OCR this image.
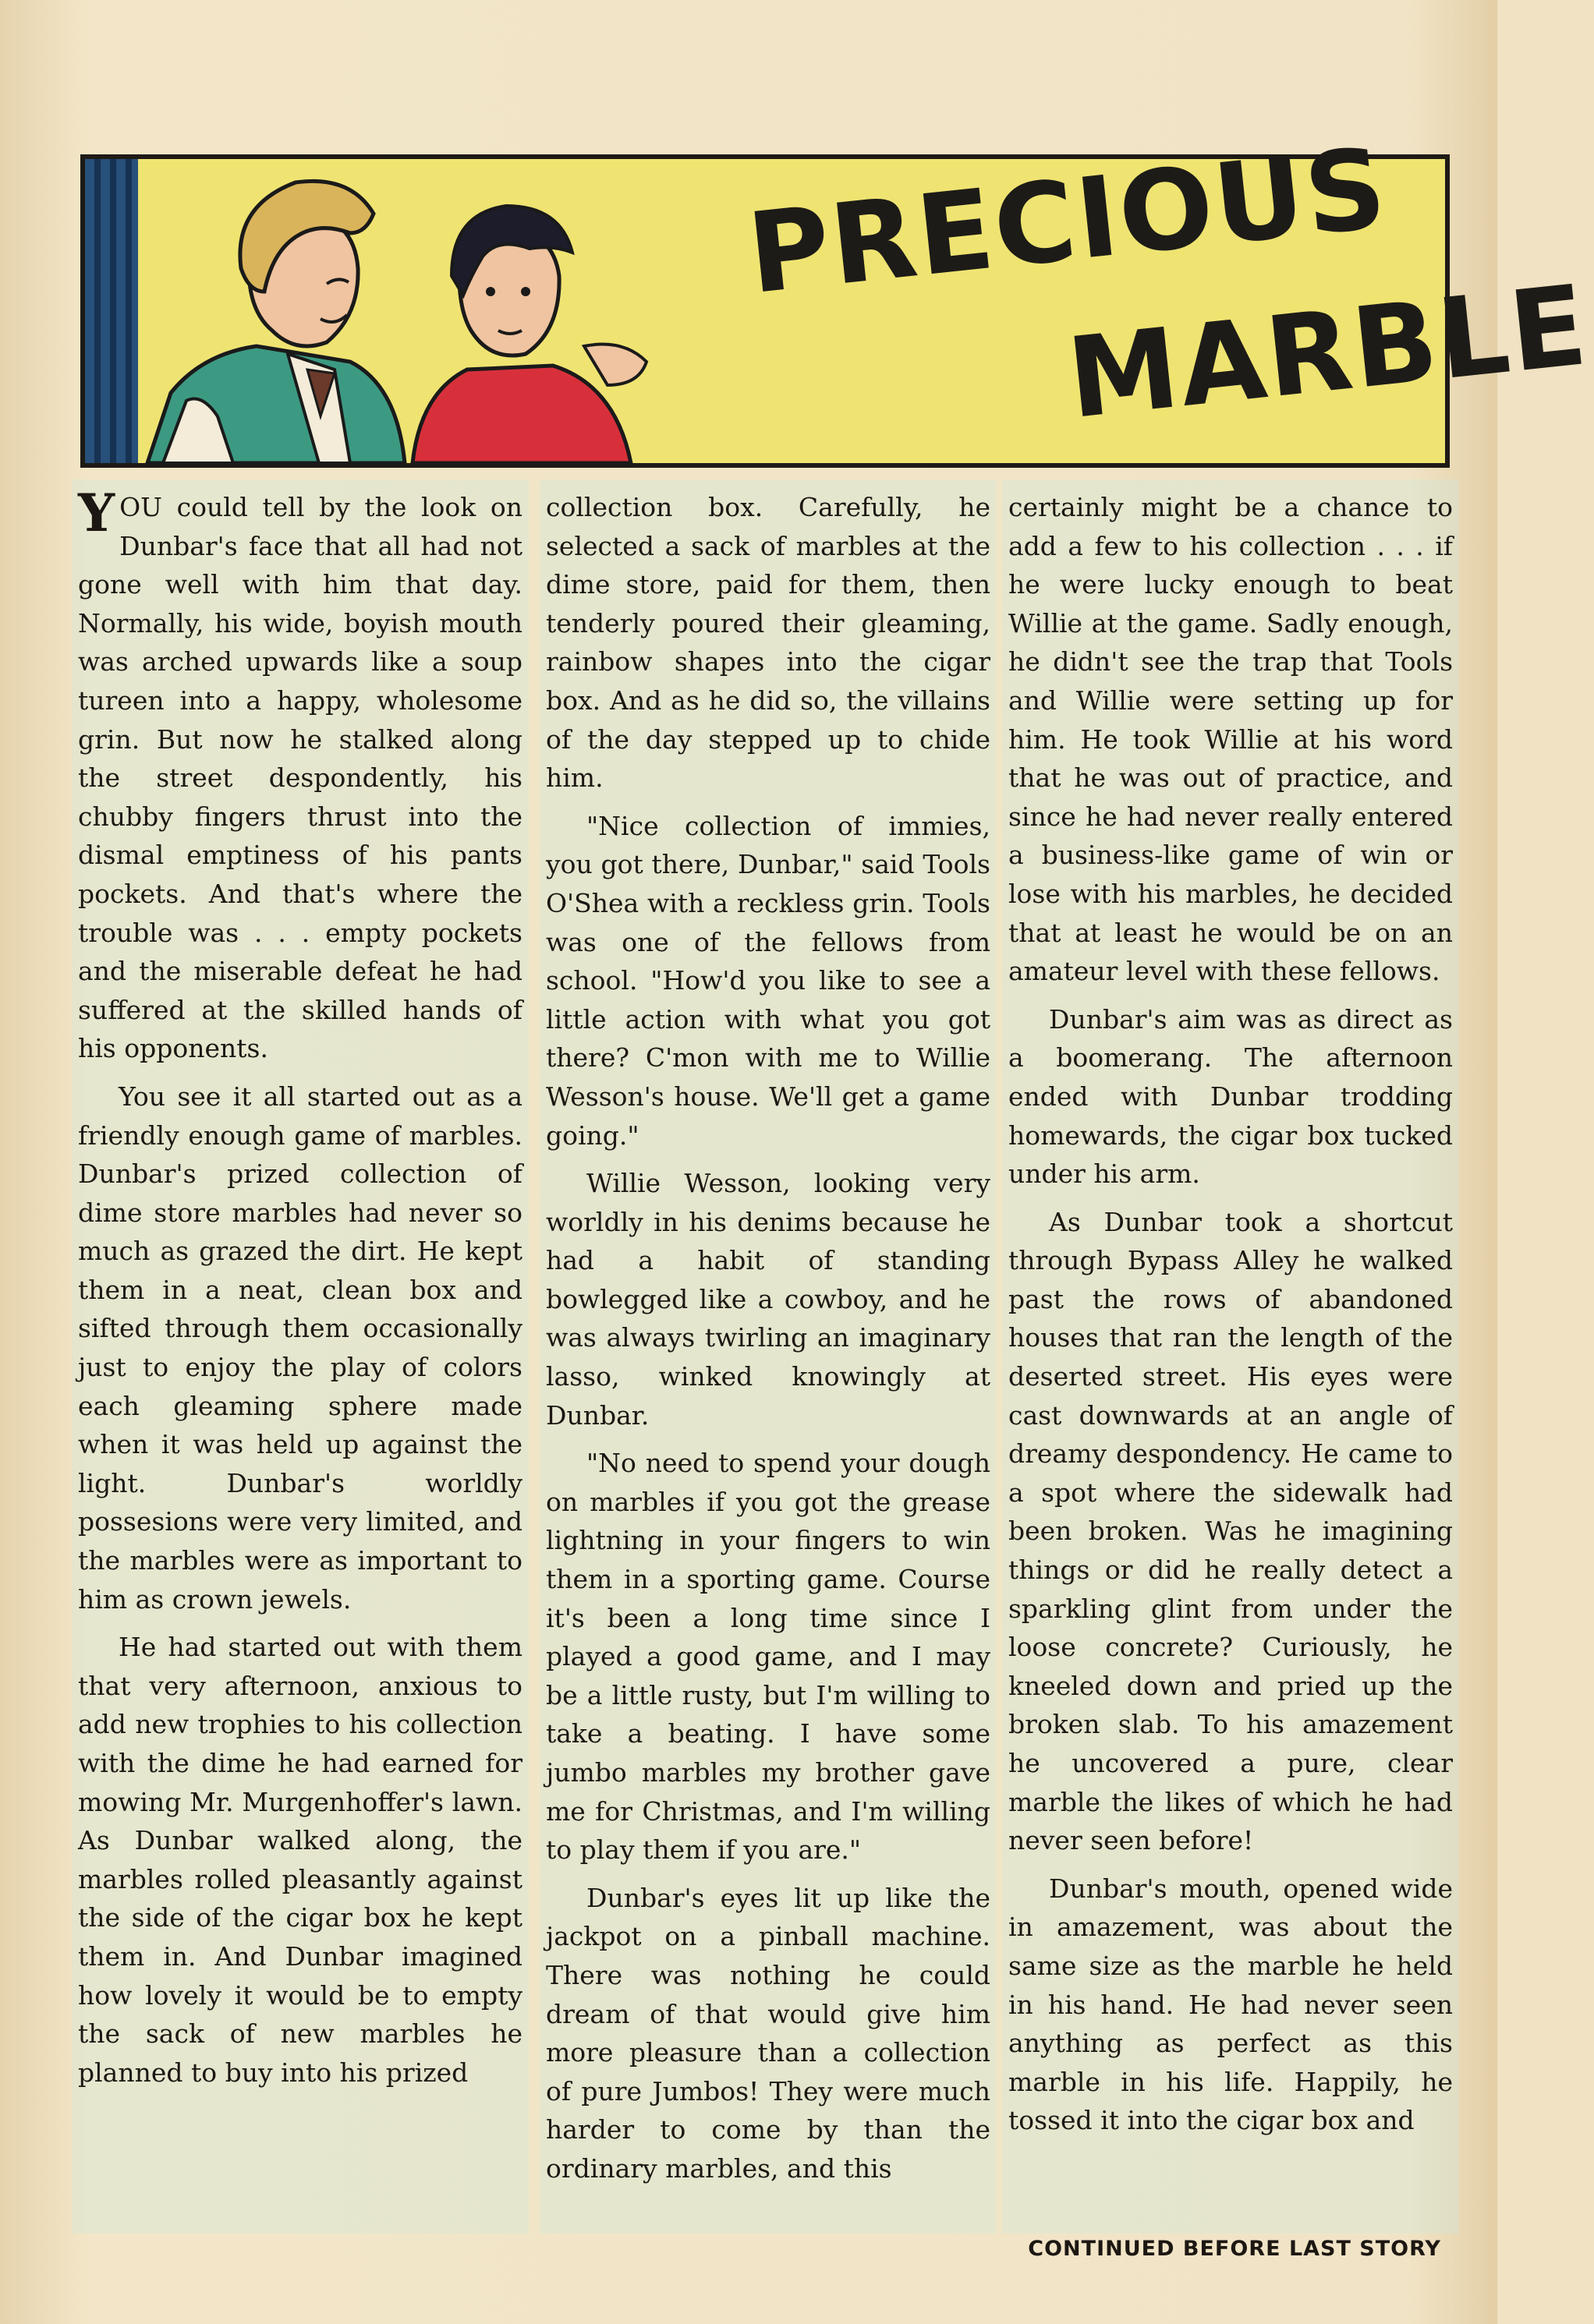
PRECIOUS
MARBLE

YOU could tell by the look on Dunbar's face that all had not gone well with him that day. Normally, his wide, boyish mouth was arched upwards like a soup tureen into a happy, wholesome grin. But now he stalked along the street despondently, his chubby fingers thrust into the dismal emptiness of his pants pockets. And that's where the trouble was . . . empty pockets and the miserable defeat he had suffered at the skilled hands of his opponents.

You see it all started out as a friendly enough game of marbles. Dunbar's prized collection of dime store marbles had never so much as grazed the dirt. He kept them in a neat, clean box and sifted through them occasionally just to enjoy the play of colors each gleaming sphere made when it was held up against the light. Dunbar's worldly possesions were very limited, and the marbles were as important to him as crown jewels.

He had started out with them that very afternoon, anxious to add new trophies to his collection with the dime he had earned for mowing Mr. Murgenhoffer's lawn. As Dunbar walked along, the marbles rolled pleasantly against the side of the cigar box he kept them in. And Dunbar imagined how lovely it would be to empty the sack of new marbles he planned to buy into his prized

collection box. Carefully, he selected a sack of marbles at the dime store, paid for them, then tenderly poured their gleaming, rainbow shapes into the cigar box. And as he did so, the villains of the day stepped up to chide him.

"Nice collection of immies, you got there, Dunbar," said Tools O'Shea with a reckless grin. Tools was one of the fellows from school. "How'd you like to see a little action with what you got there? C'mon with me to Willie Wesson's house. We'll get a game going."

Willie Wesson, looking very worldly in his denims because he had a habit of standing bowlegged like a cowboy, and he was always twirling an imaginary lasso, winked knowingly at Dunbar.

"No need to spend your dough on marbles if you got the grease lightning in your fingers to win them in a sporting game. Course it's been a long time since I played a good game, and I may be a little rusty, but I'm willing to take a beating. I have some jumbo marbles my brother gave me for Christmas, and I'm willing to play them if you are."

Dunbar's eyes lit up like the jackpot on a pinball machine. There was nothing he could dream of that would give him more pleasure than a collection of pure Jumbos! They were much harder to come by than the ordinary marbles, and this

certainly might be a chance to add a few to his collection . . . if he were lucky enough to beat Willie at the game. Sadly enough, he didn't see the trap that Tools and Willie were setting up for him. He took Willie at his word that he was out of practice, and since he had never really entered a business-like game of win or lose with his marbles, he decided that at least he would be on an amateur level with these fellows.

Dunbar's aim was as direct as a boomerang. The afternoon ended with Dunbar trodding homewards, the cigar box tucked under his arm.

As Dunbar took a shortcut through Bypass Alley he walked past the rows of abandoned houses that ran the length of the deserted street. His eyes were cast downwards at an angle of dreamy despondency. He came to a spot where the sidewalk had been broken. Was he imagining things or did he really detect a sparkling glint from under the loose concrete? Curiously, he kneeled down and pried up the broken slab. To his amazement he uncovered a pure, clear marble the likes of which he had never seen before!

Dunbar's mouth, opened wide in amazement, was about the same size as the marble he held in his hand. He had never seen anything as perfect as this marble in his life. Happily, he tossed it into the cigar box and

CONTINUED BEFORE LAST STORY
